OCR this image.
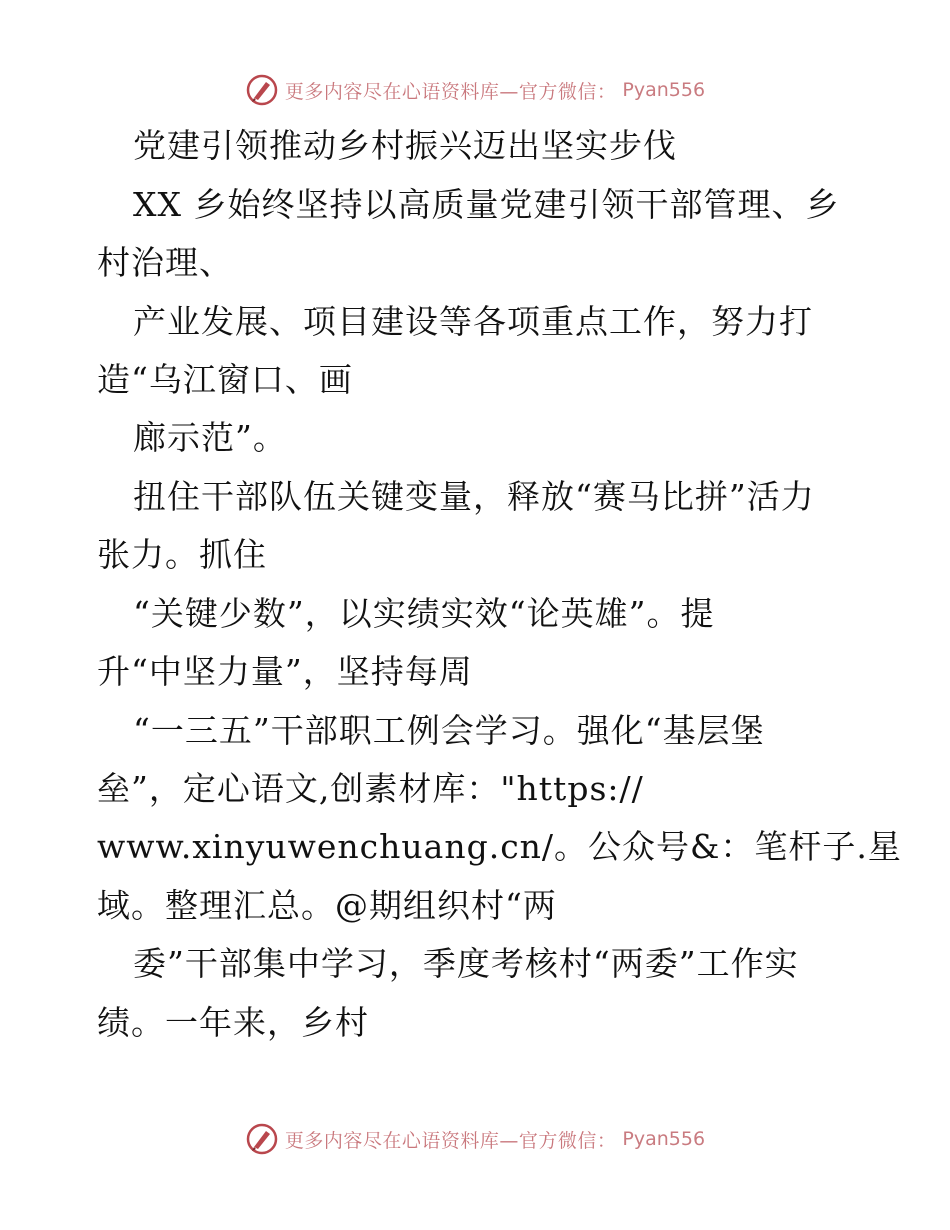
更多内容尽在心语资料库—官方微信： Pyan556
党建引领推动乡村振兴迈出坚实步伐
XX 乡始终坚持以高质量党建引领干部管理、乡
村治理、
产业发展、项目建设等各项重点工作，努力打
造“乌江窗口、画
廊示范”。
扭住干部队伍关键变量，释放“赛马比拼”活力
张力。抓住
“关键少数”，以实绩实效“论英雄”。提
升“中坚力量”，坚持每周
“一三五”干部职工例会学习。强化“基层堡
垒”，定心语文,创素材库："https://
www.xinyuwenchuang.cn/。公众号&：笔杆子.星
域。整理汇总。@期组织村“两
委”干部集中学习，季度考核村“两委”工作实
绩。一年来，乡村
更多内容尽在心语资料库—官方微信： Pyan556
